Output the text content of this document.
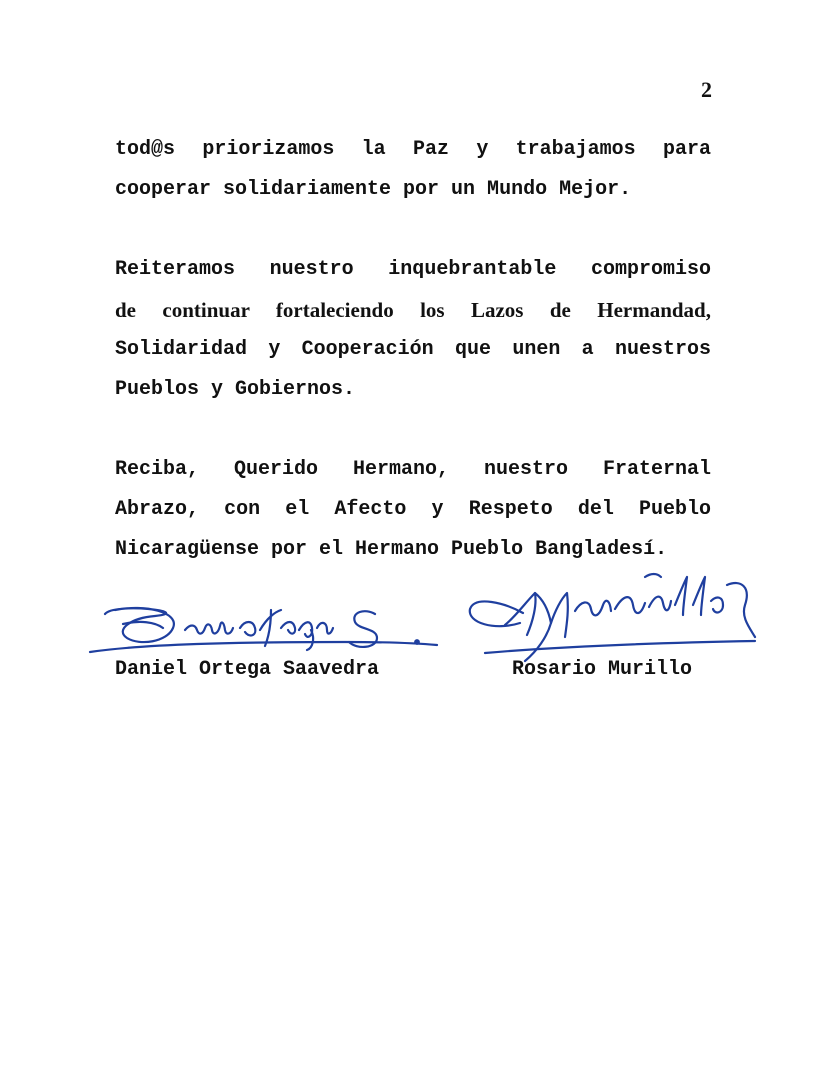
2
tod@s priorizamos la Paz y trabajamos para
cooperar solidariamente por un Mundo Mejor.
Reiteramos nuestro inquebrantable compromiso
de continuar fortaleciendo los Lazos de Hermandad,
Solidaridad y Cooperación que unen a nuestros
Pueblos y Gobiernos.
Reciba, Querido Hermano, nuestro Fraternal
Abrazo, con el Afecto y Respeto del Pueblo
Nicaragüense por el Hermano Pueblo Bangladesí.
Daniel Ortega Saavedra	Rosario Murillo
